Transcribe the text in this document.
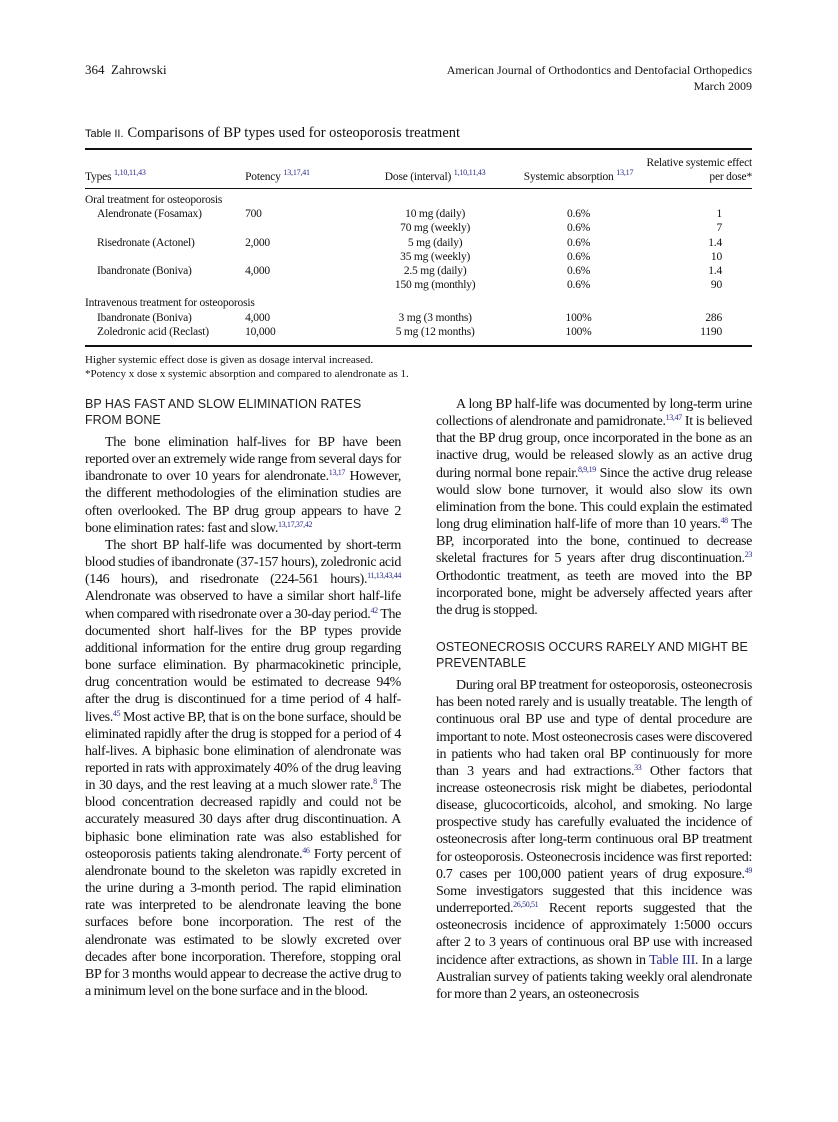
364 Zahrowski	American Journal of Orthodontics and Dentofacial Orthopedics
March 2009
Table II. Comparisons of BP types used for osteoporosis treatment
Types $^{1,10,11,43}$	Potency $^{13,17,41}$	Dose (interval) $^{1,10,11,43}$	Systemic absorption $^{13,17}$	Relative systemic effect per dose*
Oral treatment for osteoporosis				
Alendronate (Fosamax)	700	10 mg (daily)	0.6%	1
		70 mg (weekly)	0.6%	7
Risedronate (Actonel)	2,000	5 mg (daily)	0.6%	1.4
		35 mg (weekly)	0.6%	10
Ibandronate (Boniva)	4,000	2.5 mg (daily)	0.6%	1.4
		150 mg (monthly)	0.6%	90
Intravenous treatment for osteoporosis				
Ibandronate (Boniva)	4,000	3 mg (3 months)	100%	286
Zoledronic acid (Reclast)	10,000	5 mg (12 months)	100%	1190
Higher systemic effect dose is given as dosage interval increased.
*Potency x dose x systemic absorption and compared to alendronate as 1.
BP HAS FAST AND SLOW ELIMINATION RATES FROM BONE

The bone elimination half-lives for BP have been reported over an extremely wide range from several days for ibandronate to over 10 years for alendronate.$^{13,17}$ However, the different methodologies of the elimination studies are often overlooked. The BP drug group appears to have 2 bone elimination rates: fast and slow.$^{13,17,37,42}$

The short BP half-life was documented by short-term blood studies of ibandronate (37-157 hours), zoledronic acid (146 hours), and risedronate (224-561 hours).$^{11,13,43,44}$ Alendronate was observed to have a similar short half-life when compared with risedronate over a 30-day period.$^{42}$ The documented short half-lives for the BP types provide additional information for the entire drug group regarding bone surface elimination. By pharmacokinetic principle, drug concentration would be estimated to decrease 94% after the drug is discontinued for a time period of 4 half-lives.$^{45}$ Most active BP, that is on the bone surface, should be eliminated rapidly after the drug is stopped for a period of 4 half-lives. A biphasic bone elimination of alendronate was reported in rats with approximately 40% of the drug leaving in 30 days, and the rest leaving at a much slower rate.$^8$ The blood concentration decreased rapidly and could not be accurately measured 30 days after drug discontinuation. A biphasic bone elimination rate was also established for osteoporosis patients taking alendronate.$^{46}$ Forty percent of alendronate bound to the skeleton was rapidly excreted in the urine during a 3-month period. The rapid elimination rate was interpreted to be alendronate leaving the bone surfaces before bone incorporation. The rest of the alendronate was estimated to be slowly excreted over decades after bone incorporation. Therefore, stopping oral BP for 3 months would appear to decrease the active drug to a minimum level on the bone surface and in the blood.

A long BP half-life was documented by long-term urine collections of alendronate and pamidronate.$^{13,47}$ It is believed that the BP drug group, once incorporated in the bone as an inactive drug, would be released slowly as an active drug during normal bone repair.$^{8,9,19}$ Since the active drug release would slow bone turnover, it would also slow its own elimination from the bone. This could explain the estimated long drug elimination half-life of more than 10 years.$^{48}$ The BP, incorporated into the bone, continued to decrease skeletal fractures for 5 years after drug discontinuation.$^{23}$ Orthodontic treatment, as teeth are moved into the BP incorporated bone, might be adversely affected years after the drug is stopped.

OSTEONECROSIS OCCURS RARELY AND MIGHT BE PREVENTABLE

During oral BP treatment for osteoporosis, osteonecrosis has been noted rarely and is usually treatable. The length of continuous oral BP use and type of dental procedure are important to note. Most osteonecrosis cases were discovered in patients who had taken oral BP continuously for more than 3 years and had extractions.$^{33}$ Other factors that increase osteonecrosis risk might be diabetes, periodontal disease, glucocorticoids, alcohol, and smoking. No large prospective study has carefully evaluated the incidence of osteonecrosis after long-term continuous oral BP treatment for osteoporosis. Osteonecrosis incidence was first reported: 0.7 cases per 100,000 patient years of drug exposure.$^{49}$ Some investigators suggested that this incidence was underreported.$^{26,50,51}$ Recent reports suggested that the osteonecrosis incidence of approximately 1:5000 occurs after 2 to 3 years of continuous oral BP use with increased incidence after extractions, as shown in Table III. In a large Australian survey of patients taking weekly oral alendronate for more than 2 years, an osteonecrosis
